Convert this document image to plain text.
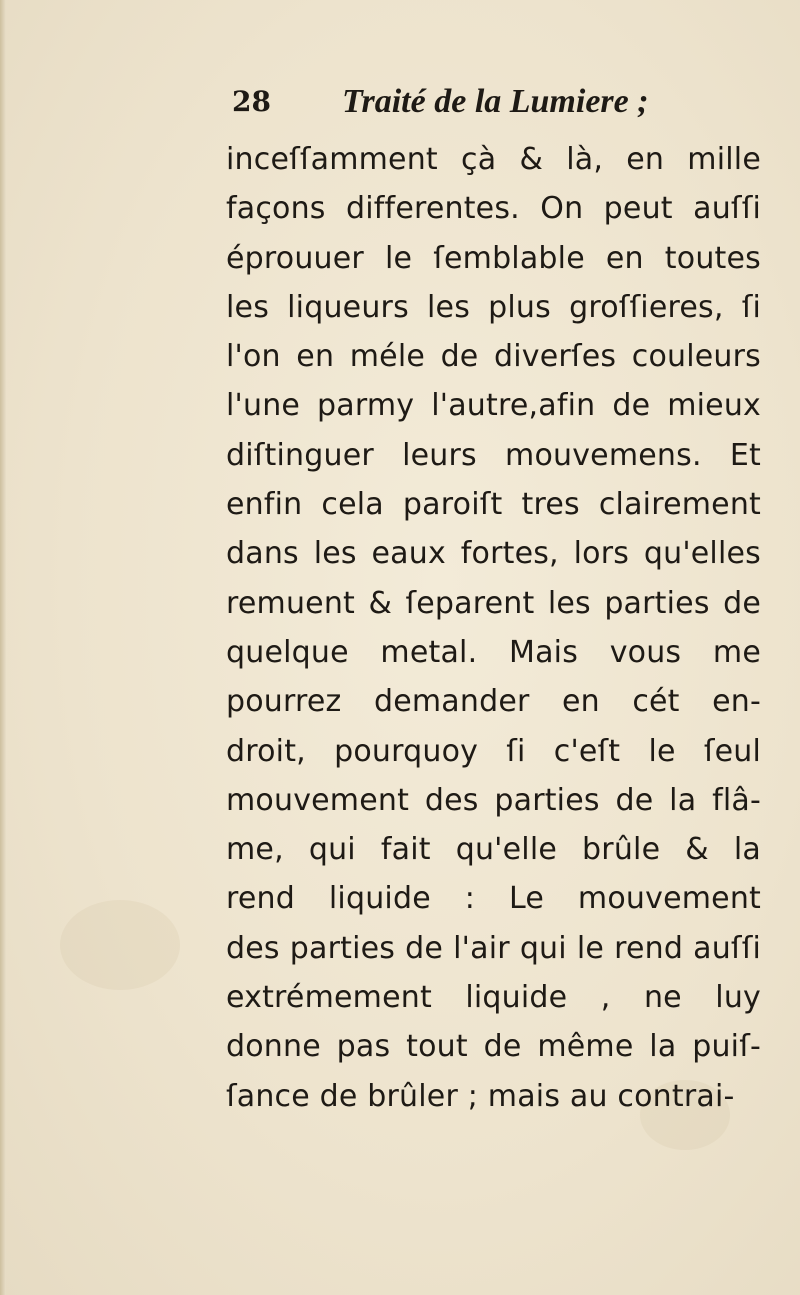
28 Traité de la Lumiere ;
inceſſamment çà & là, en mille
façons differentes. On peut auſſi
éprouuer le ſemblable en toutes
les liqueurs les plus groſſieres, ſi
l'on en méle de diverſes couleurs
l'une parmy l'autre,afin de mieux
diſtinguer leurs mouvemens. Et
enfin cela paroiſt tres clairement
dans les eaux fortes, lors qu'elles
remuent & ſeparent les parties de
quelque metal. Mais vous me
pourrez demander en cét en-
droit, pourquoy ſi c'eſt le ſeul
mouvement des parties de la flâ-
me, qui fait qu'elle brûle & la
rend liquide : Le mouvement
des parties de l'air qui le rend auſſi
extrémement liquide , ne luy
donne pas tout de même la puiſ-
ſance de brûler ; mais au contrai-
